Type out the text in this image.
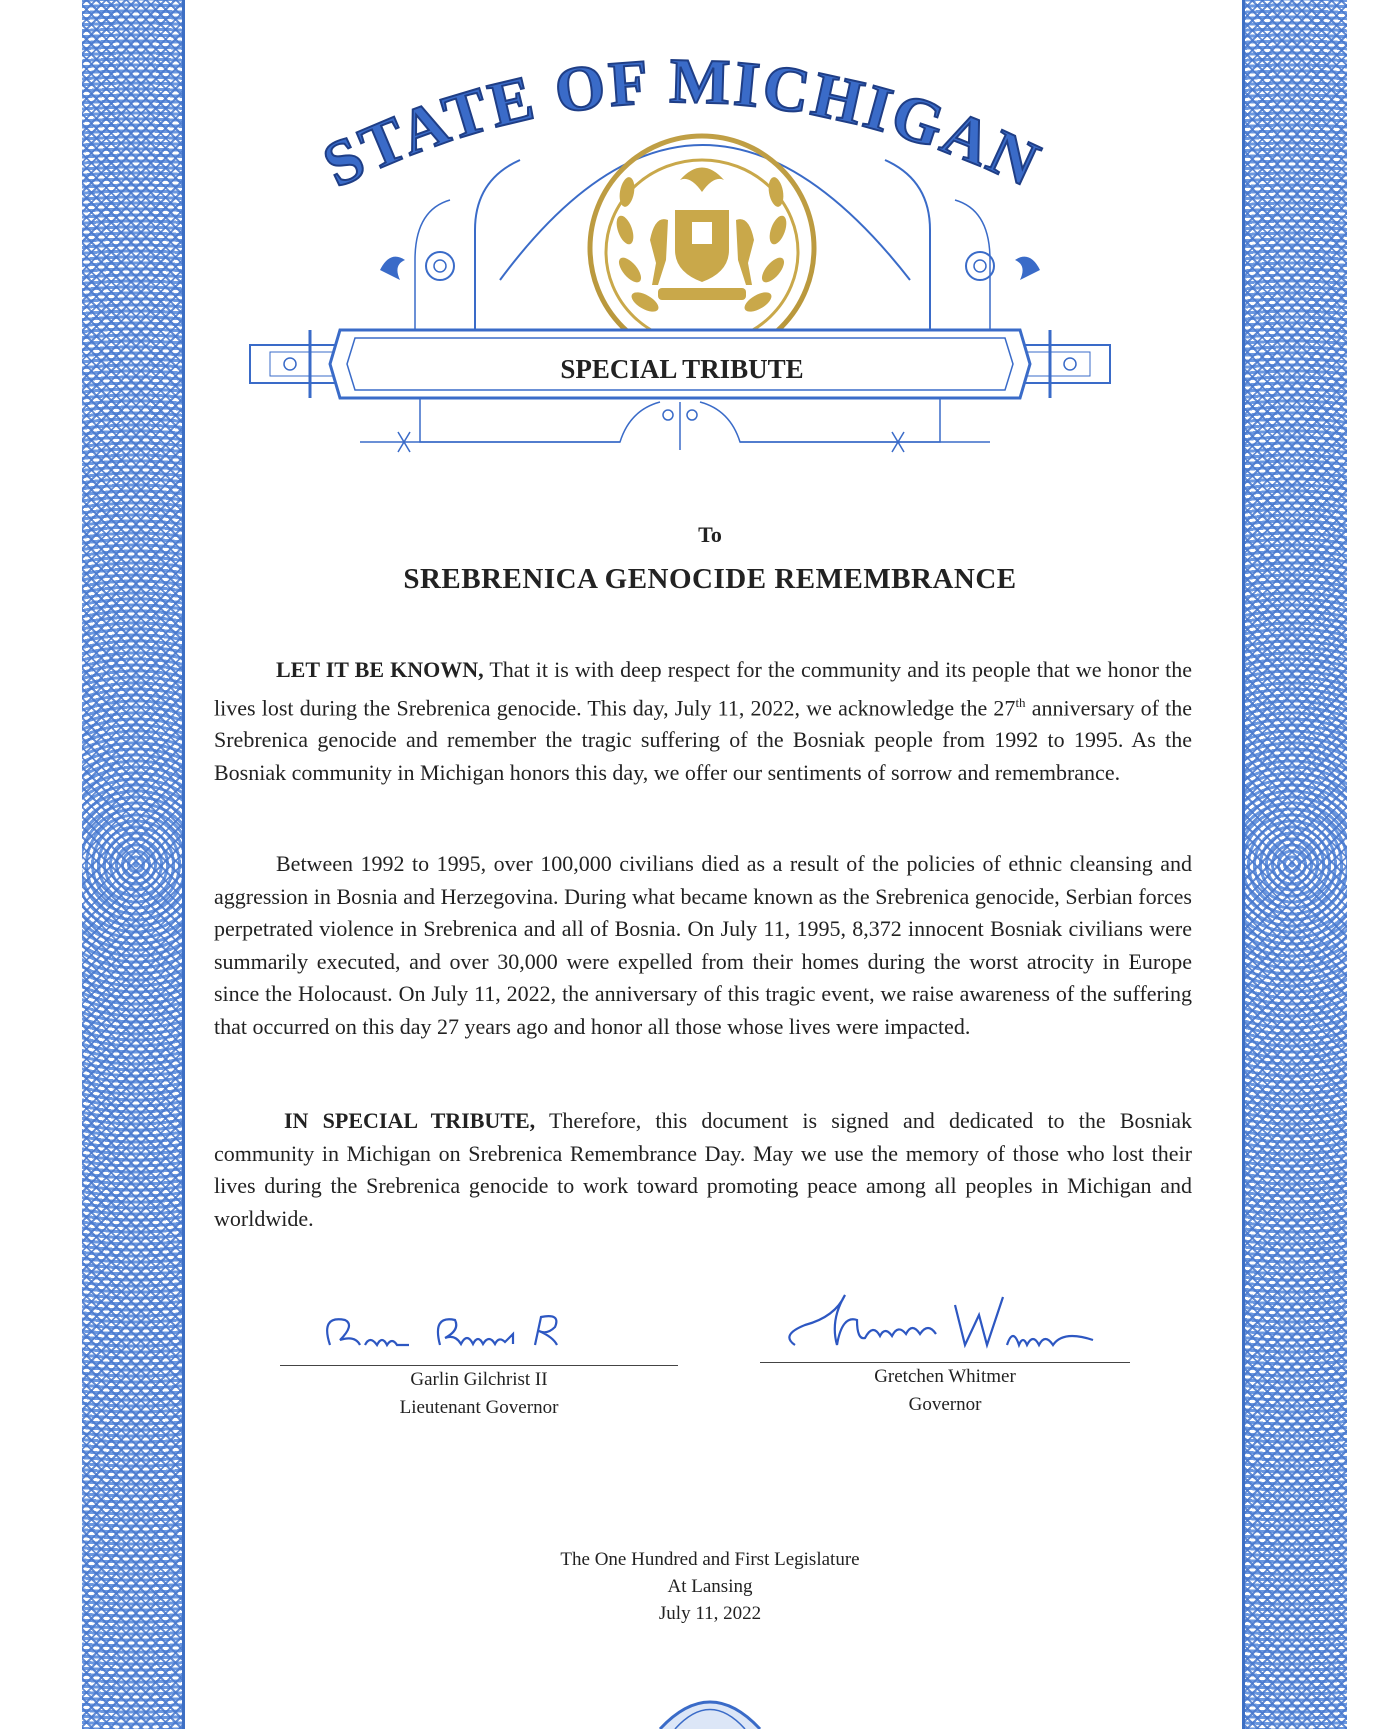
STATE OF MICHIGAN
SPECIAL TRIBUTE
To
SREBRENICA GENOCIDE REMEMBRANCE

LET IT BE KNOWN, That it is with deep respect for the community and its people that we honor the lives lost during the Srebrenica genocide. This day, July 11, 2022, we acknowledge the 27th anniversary of the Srebrenica genocide and remember the tragic suffering of the Bosniak people from 1992 to 1995. As the Bosniak community in Michigan honors this day, we offer our sentiments of sorrow and remembrance.

Between 1992 to 1995, over 100,000 civilians died as a result of the policies of ethnic cleansing and aggression in Bosnia and Herzegovina. During what became known as the Srebrenica genocide, Serbian forces perpetrated violence in Srebrenica and all of Bosnia. On July 11, 1995, 8,372 innocent Bosniak civilians were summarily executed, and over 30,000 were expelled from their homes during the worst atrocity in Europe since the Holocaust. On July 11, 2022, the anniversary of this tragic event, we raise awareness of the suffering that occurred on this day 27 years ago and honor all those whose lives were impacted.

IN SPECIAL TRIBUTE, Therefore, this document is signed and dedicated to the Bosniak community in Michigan on Srebrenica Remembrance Day. May we use the memory of those who lost their lives during the Srebrenica genocide to work toward promoting peace among all peoples in Michigan and worldwide.

Garlin Gilchrist II
Lieutenant Governor
Gretchen Whitmer
Governor
The One Hundred and First Legislature
At Lansing
July 11, 2022
